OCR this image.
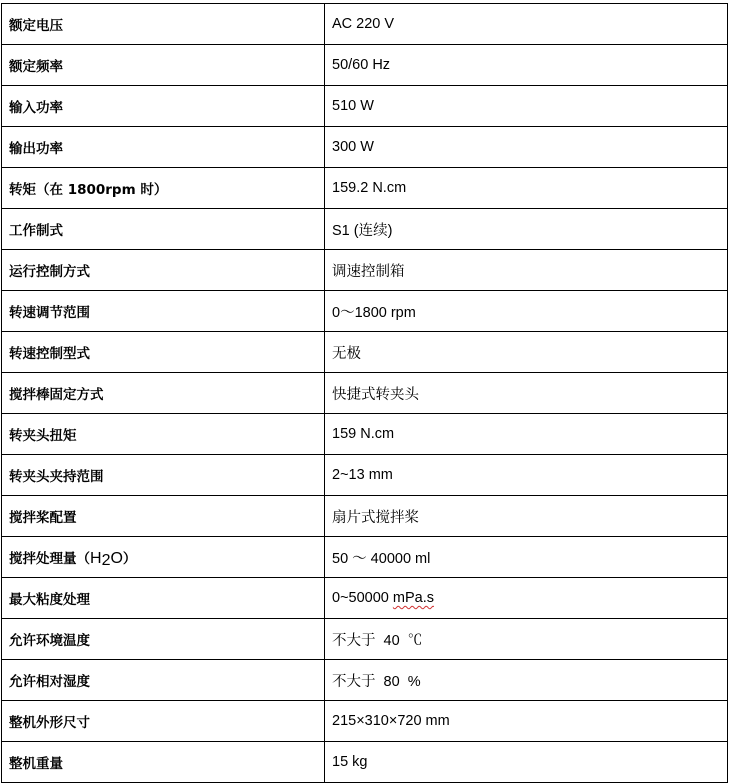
额定电压	AC 220 V
额定频率	50/60 Hz
输入功率	510 W
输出功率	300 W
转矩（在 1800rpm 时）	159.2 N.cm
工作制式	S1 (连续)
运行控制方式	调速控制箱
转速调节范围	0～1800 rpm
转速控制型式	无极
搅拌棒固定方式	快捷式转夹头
转夹头扭矩	159 N.cm
转夹头夹持范围	2~13 mm
搅拌桨配置	扇片式搅拌桨
搅拌处理量（H2O）	50 ～ 40000 ml
最大粘度处理	0~50000 mPa.s
允许环境温度	不大于  40  ℃
允许相对湿度	不大于  80  %
整机外形尺寸	215×310×720 mm
整机重量	15 kg
